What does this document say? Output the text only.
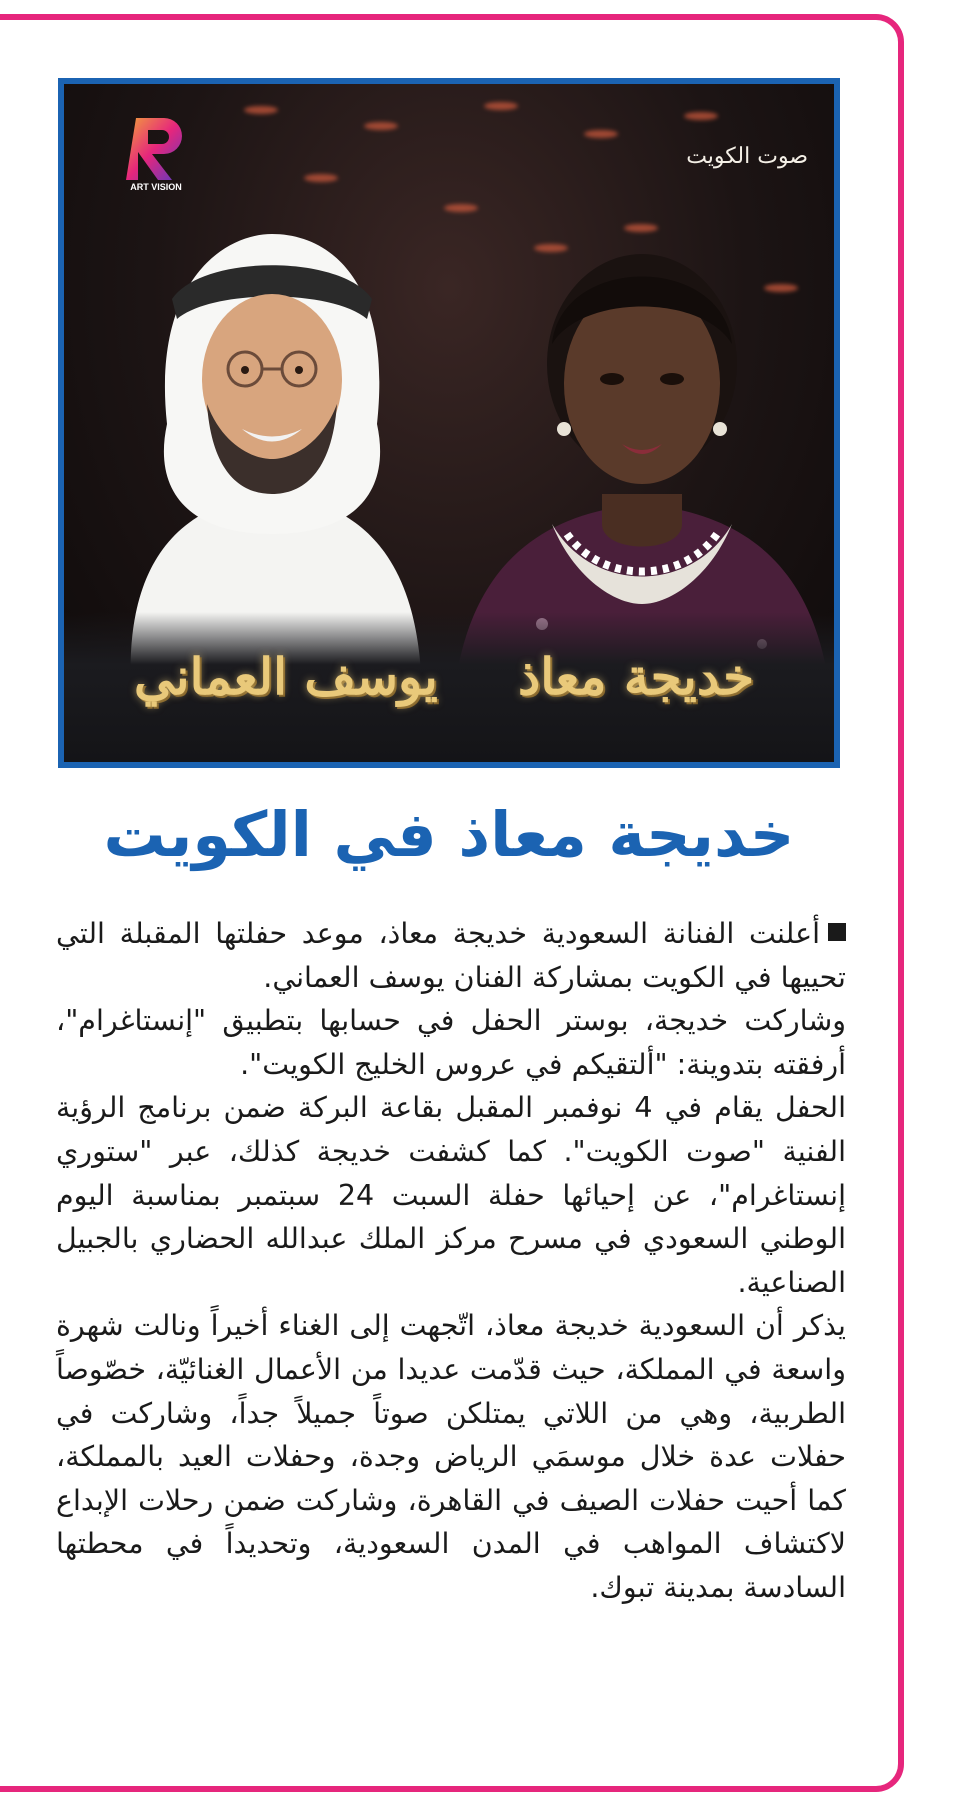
ART VISION
صوت الكويت
يوسف العماني خديجة معاذ
خديجة معاذ في الكويت

أعلنت الفنانة السعودية خديجة معاذ، موعد حفلتها المقبلة التي تحييها في الكويت بمشاركة الفنان يوسف العماني.

وشاركت خديجة، بوستر الحفل في حسابها بتطبيق "إنستاغرام"، أرفقته بتدوينة: "ألتقيكم في عروس الخليج الكويت".

الحفل يقام في 4 نوفمبر المقبل بقاعة البركة ضمن برنامج الرؤية الفنية "صوت الكويت". كما كشفت خديجة كذلك، عبر "ستوري إنستاغرام"، عن إحيائها حفلة السبت 24 سبتمبر بمناسبة اليوم الوطني السعودي في مسرح مركز الملك عبدالله الحضاري بالجبيل الصناعية.

يذكر أن السعودية خديجة معاذ، اتّجهت إلى الغناء أخيراً ونالت شهرة واسعة في المملكة، حيث قدّمت عديدا من الأعمال الغنائيّة، خصّوصاً الطربية، وهي من اللاتي يمتلكن صوتاً جميلاً جداً، وشاركت في حفلات عدة خلال موسمَي الرياض وجدة، وحفلات العيد بالمملكة، كما أحيت حفلات الصيف في القاهرة، وشاركت ضمن رحلات الإبداع لاكتشاف المواهب في المدن السعودية، وتحديداً في محطتها السادسة بمدينة تبوك.
